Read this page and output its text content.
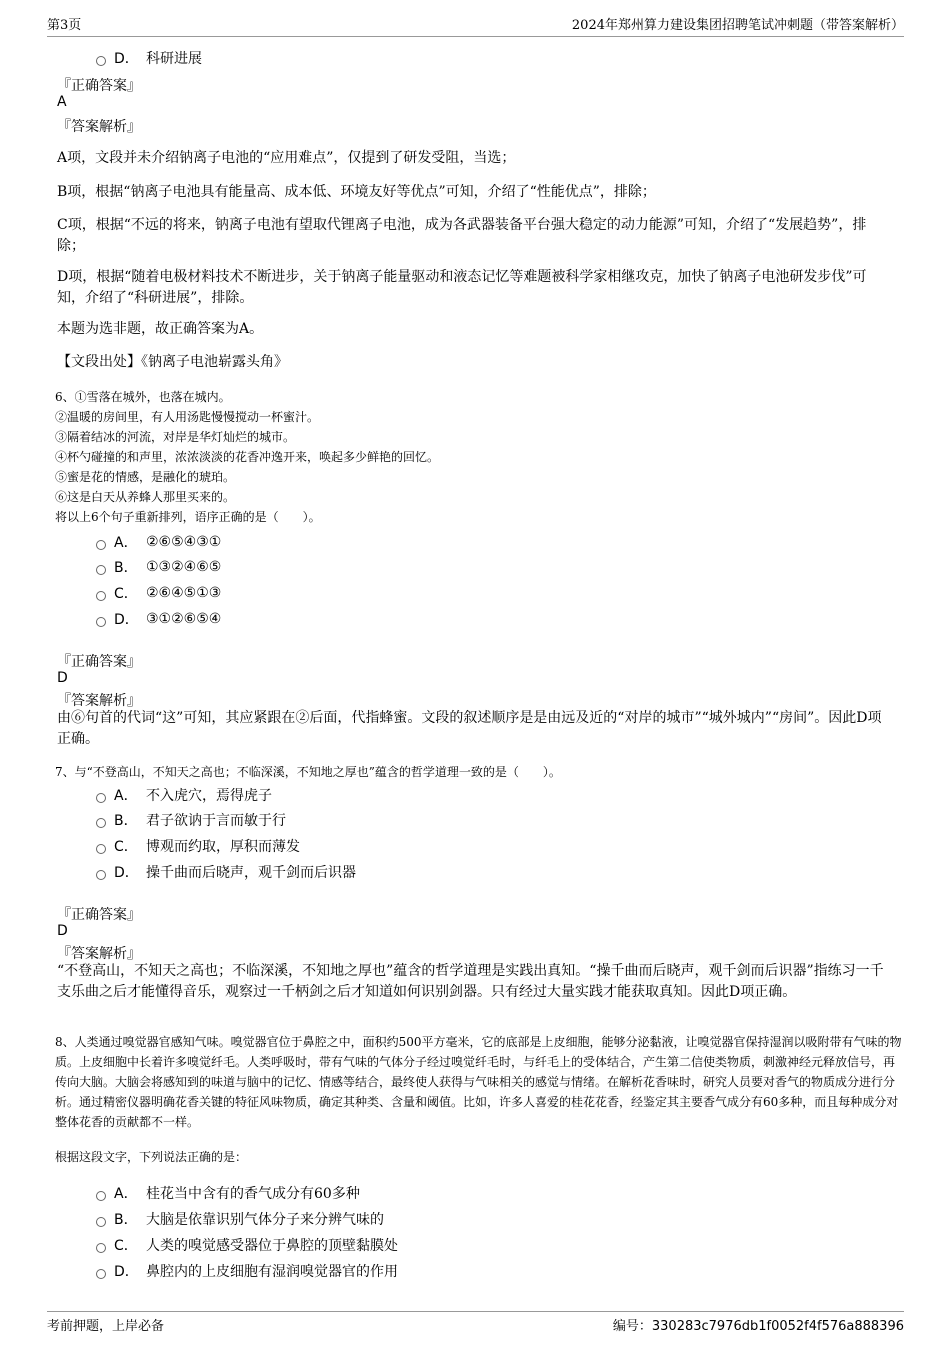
第3页	2024年郑州算力建设集团招聘笔试冲刺题（带答案解析）
D． 科研进展
『正确答案』
A
『答案解析』
A项，文段并未介绍钠离子电池的“应用难点”，仅提到了研发受阻，当选；
B项，根据“钠离子电池具有能量高、成本低、环境友好等优点”可知，介绍了“性能优点”，排除；
C项，根据“不远的将来，钠离子电池有望取代锂离子电池，成为各武器装备平台强大稳定的动力能源”可知，介绍了“发展趋势”，排除；
D项，根据“随着电极材料技术不断进步，关于钠离子能量驱动和液态记忆等难题被科学家相继攻克，加快了钠离子电池研发步伐”可知，介绍了“科研进展”，排除。
本题为选非题，故正确答案为A。
【文段出处】《钠离子电池崭露头角》
6、①雪落在城外，也落在城内。
②温暖的房间里，有人用汤匙慢慢搅动一杯蜜汁。
③隔着结冰的河流，对岸是华灯灿烂的城市。
④杯勺碰撞的和声里，浓浓淡淡的花香冲逸开来，唤起多少鲜艳的回忆。
⑤蜜是花的情感，是融化的琥珀。
⑥这是白天从养蜂人那里买来的。
将以上6个句子重新排列，语序正确的是（　　）。
A． ②⑥⑤④③①
B． ①③②④⑥⑤
C． ②⑥④⑤①③
D． ③①②⑥⑤④
『正确答案』
D
『答案解析』
由⑥句首的代词“这”可知，其应紧跟在②后面，代指蜂蜜。文段的叙述顺序是是由远及近的“对岸的城市”“城外城内”“房间”。因此D项正确。
7、与“不登高山，不知天之高也；不临深溪，不知地之厚也”蕴含的哲学道理一致的是（　　）。
A． 不入虎穴，焉得虎子
B． 君子欲讷于言而敏于行
C． 博观而约取，厚积而薄发
D． 操千曲而后晓声，观千剑而后识器
『正确答案』
D
『答案解析』
“不登高山，不知天之高也；不临深溪，不知地之厚也”蕴含的哲学道理是实践出真知。“操千曲而后晓声，观千剑而后识器”指练习一千支乐曲之后才能懂得音乐，观察过一千柄剑之后才知道如何识别剑器。只有经过大量实践才能获取真知。因此D项正确。
8、人类通过嗅觉器官感知气味。嗅觉器官位于鼻腔之中，面积约500平方毫米，它的底部是上皮细胞，能够分泌黏液，让嗅觉器官保持湿润以吸附带有气味的物质。上皮细胞中长着许多嗅觉纤毛。人类呼吸时，带有气味的气体分子经过嗅觉纤毛时，与纤毛上的受体结合，产生第二信使类物质，刺激神经元释放信号，再传向大脑。大脑会将感知到的味道与脑中的记忆、情感等结合，最终使人获得与气味相关的感觉与情绪。在解析花香味时，研究人员要对香气的物质成分进行分析。通过精密仪器明确花香关键的特征风味物质，确定其种类、含量和阈值。比如，许多人喜爱的桂花花香，经鉴定其主要香气成分有60多种，而且每种成分对整体花香的贡献都不一样。
根据这段文字，下列说法正确的是：
A． 桂花当中含有的香气成分有60多种
B． 大脑是依靠识别气体分子来分辨气味的
C． 人类的嗅觉感受器位于鼻腔的顶壁黏膜处
D． 鼻腔内的上皮细胞有湿润嗅觉器官的作用
考前押题，上岸必备	编号：330283c7976db1f0052f4f576a888396
